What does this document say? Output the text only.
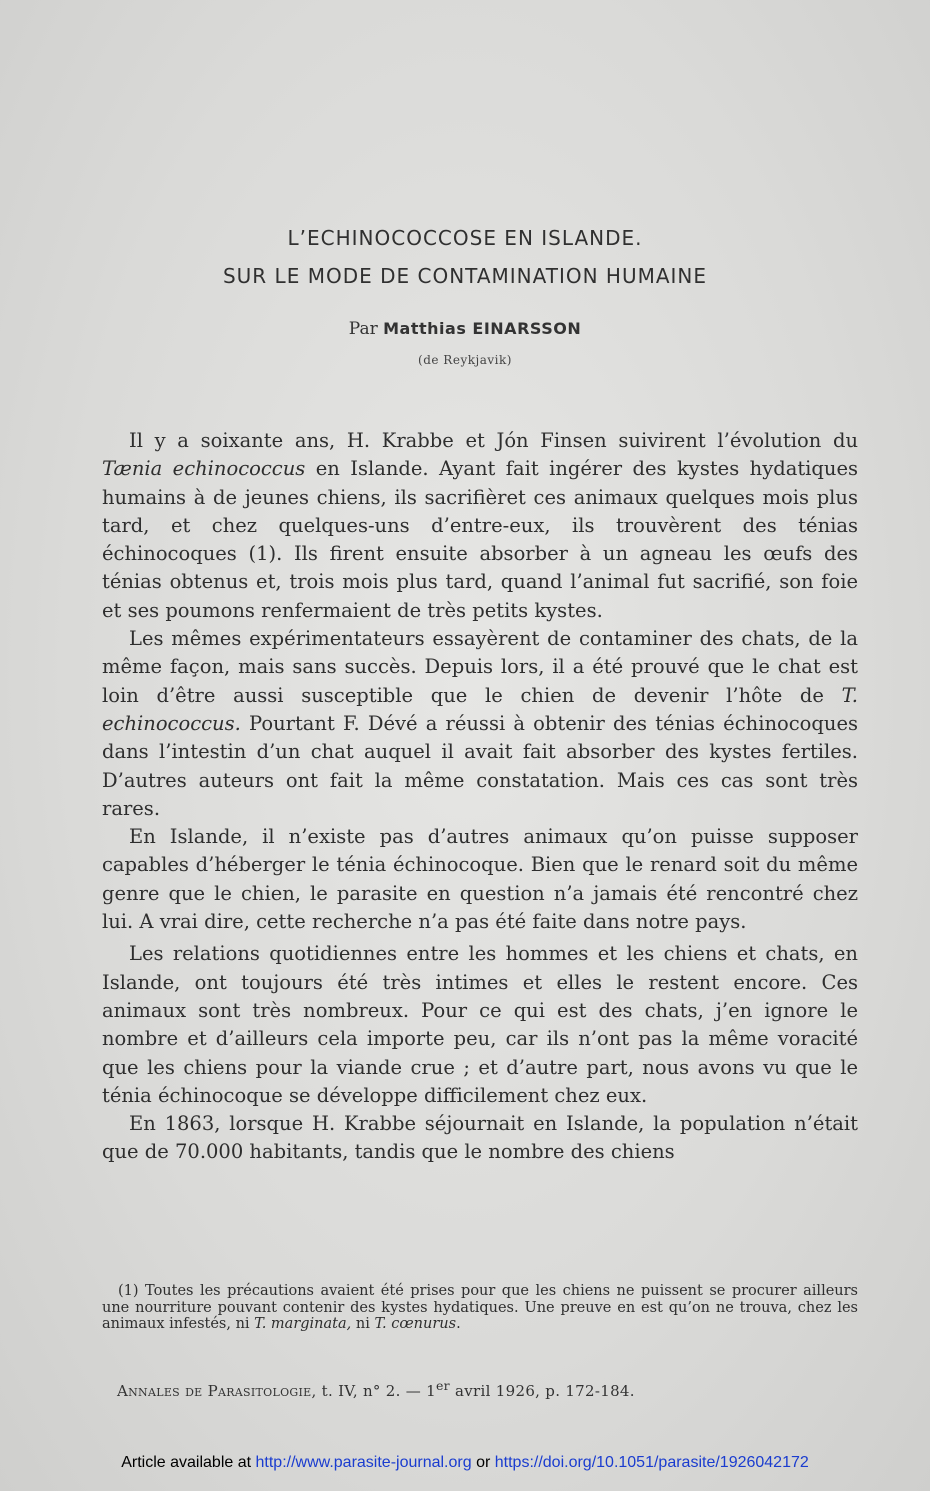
L’ECHINOCOCCOSE EN ISLANDE.
SUR LE MODE DE CONTAMINATION HUMAINE
Par Matthias EINARSSON
(de Reykjavik)

Il y a soixante ans, H. Krabbe et Jón Finsen suivirent l’évolution du Tænia echinococcus en Islande. Ayant fait ingérer des kystes hydatiques humains à de jeunes chiens, ils sacrifièret ces animaux quelques mois plus tard, et chez quelques-uns d’entre-eux, ils trouvèrent des ténias échinocoques (1). Ils firent ensuite absorber à un agneau les œufs des ténias obtenus et, trois mois plus tard, quand l’animal fut sacrifié, son foie et ses poumons renfermaient de très petits kystes.

Les mêmes expérimentateurs essayèrent de contaminer des chats, de la même façon, mais sans succès. Depuis lors, il a été prouvé que le chat est loin d’être aussi susceptible que le chien de devenir l’hôte de T. echinococcus. Pourtant F. Dévé a réussi à obtenir des ténias échinocoques dans l’intestin d’un chat auquel il avait fait absorber des kystes fertiles. D’autres auteurs ont fait la même constatation. Mais ces cas sont très rares.

En Islande, il n’existe pas d’autres animaux qu’on puisse supposer capables d’héberger le ténia échinocoque. Bien que le renard soit du même genre que le chien, le parasite en question n’a jamais été rencontré chez lui. A vrai dire, cette recherche n’a pas été faite dans notre pays.

Les relations quotidiennes entre les hommes et les chiens et chats, en Islande, ont toujours été très intimes et elles le restent encore. Ces animaux sont très nombreux. Pour ce qui est des chats, j’en ignore le nombre et d’ailleurs cela importe peu, car ils n’ont pas la même voracité que les chiens pour la viande crue ; et d’autre part, nous avons vu que le ténia échinocoque se développe difficilement chez eux.

En 1863, lorsque H. Krabbe séjournait en Islande, la population n’était que de 70.000 habitants, tandis que le nombre des chiens

(1) Toutes les précautions avaient été prises pour que les chiens ne puissent se procurer ailleurs une nourriture pouvant contenir des kystes hydatiques. Une preuve en est qu’on ne trouva, chez les animaux infestés, ni T. marginata, ni T. cœnurus.

Annales de Parasitologie, t. IV, n° 2. — 1er avril 1926, p. 172-184.
Article available at http://www.parasite-journal.org or https://doi.org/10.1051/parasite/1926042172
